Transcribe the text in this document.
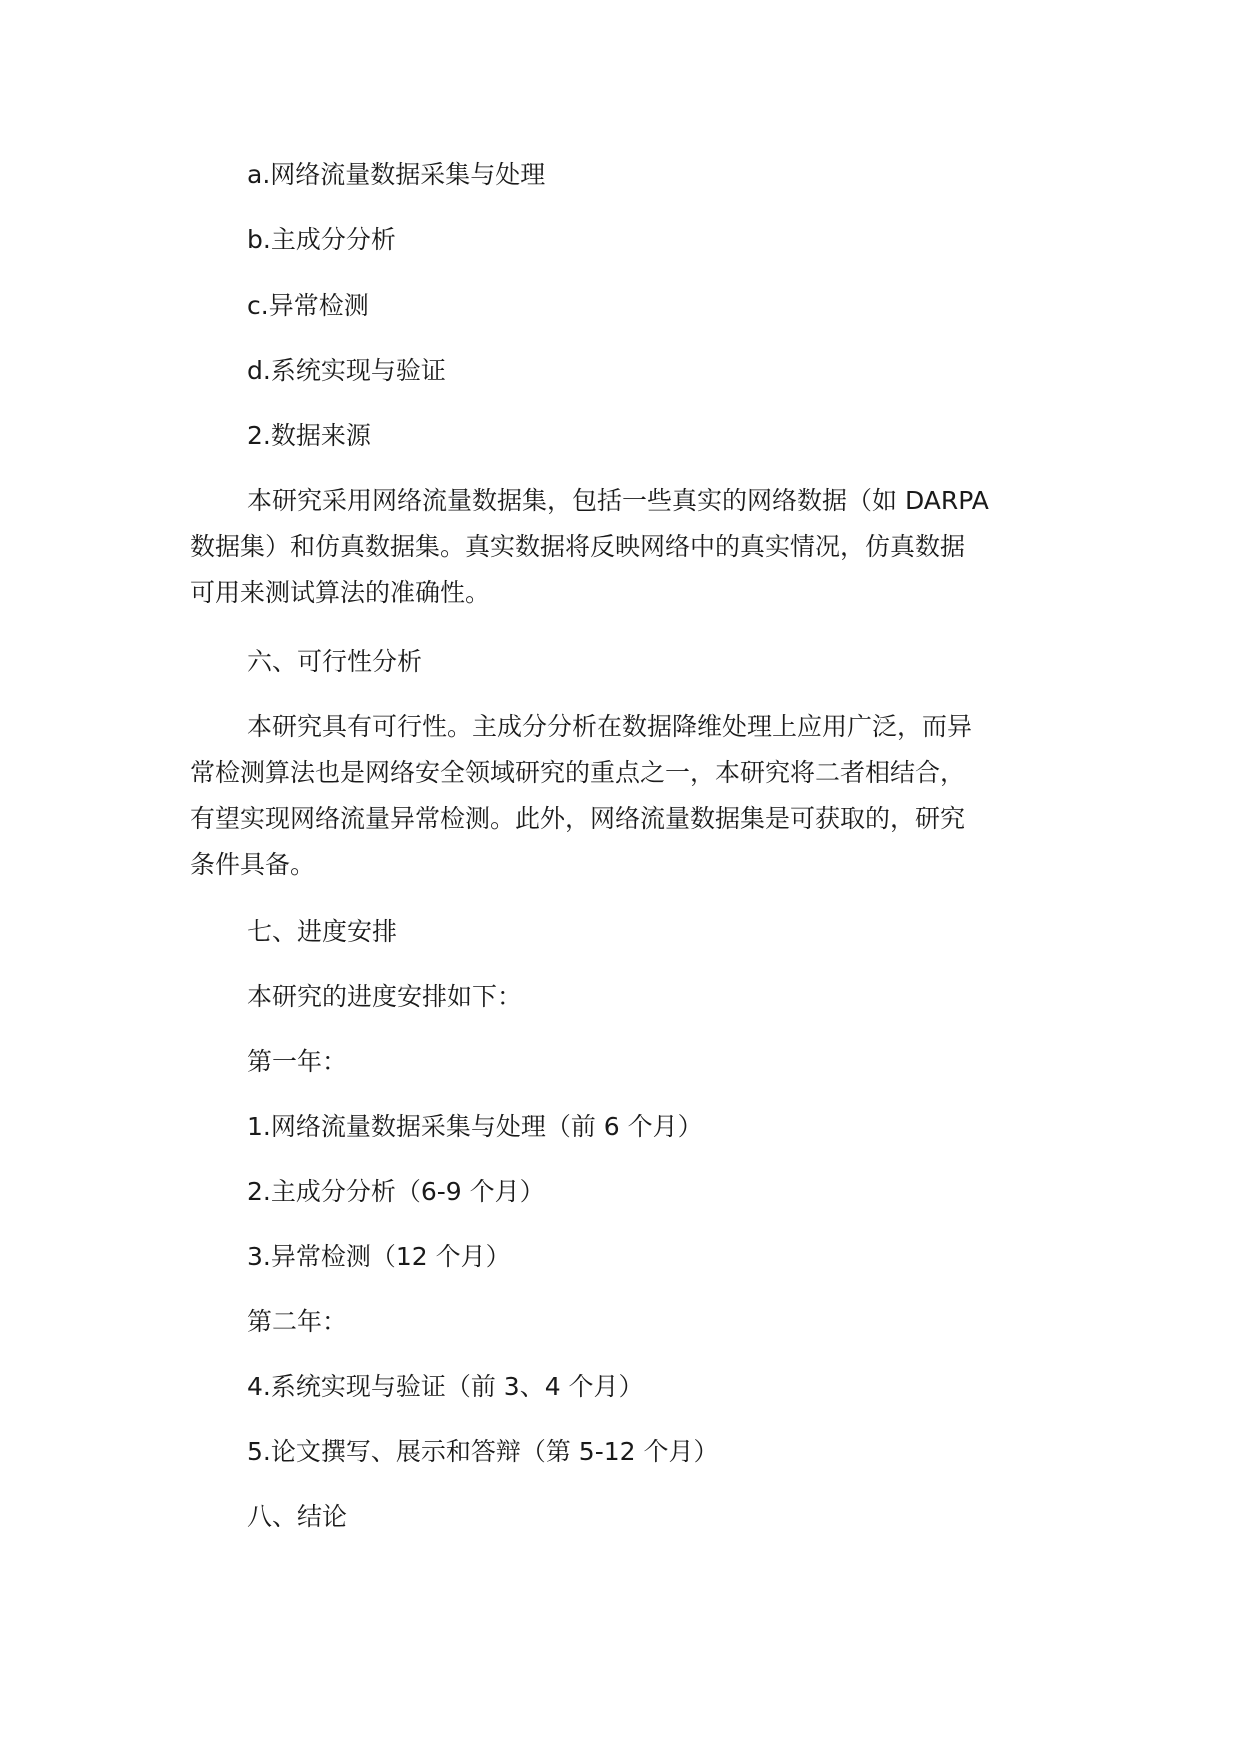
a.网络流量数据采集与处理

b.主成分分析

c.异常检测

d.系统实现与验证

2.数据来源

本研究采用网络流量数据集，包括一些真实的网络数据（如 DARPA

数据集）和仿真数据集。真实数据将反映网络中的真实情况，仿真数据

可用来测试算法的准确性。

六、可行性分析

本研究具有可行性。主成分分析在数据降维处理上应用广泛，而异

常检测算法也是网络安全领域研究的重点之一，本研究将二者相结合，

有望实现网络流量异常检测。此外，网络流量数据集是可获取的，研究

条件具备。

七、进度安排

本研究的进度安排如下：

第一年：

1.网络流量数据采集与处理（前 6 个月）

2.主成分分析（6-9 个月）

3.异常检测（12 个月）

第二年：

4.系统实现与验证（前 3、4 个月）

5.论文撰写、展示和答辩（第 5-12 个月）

八、结论
